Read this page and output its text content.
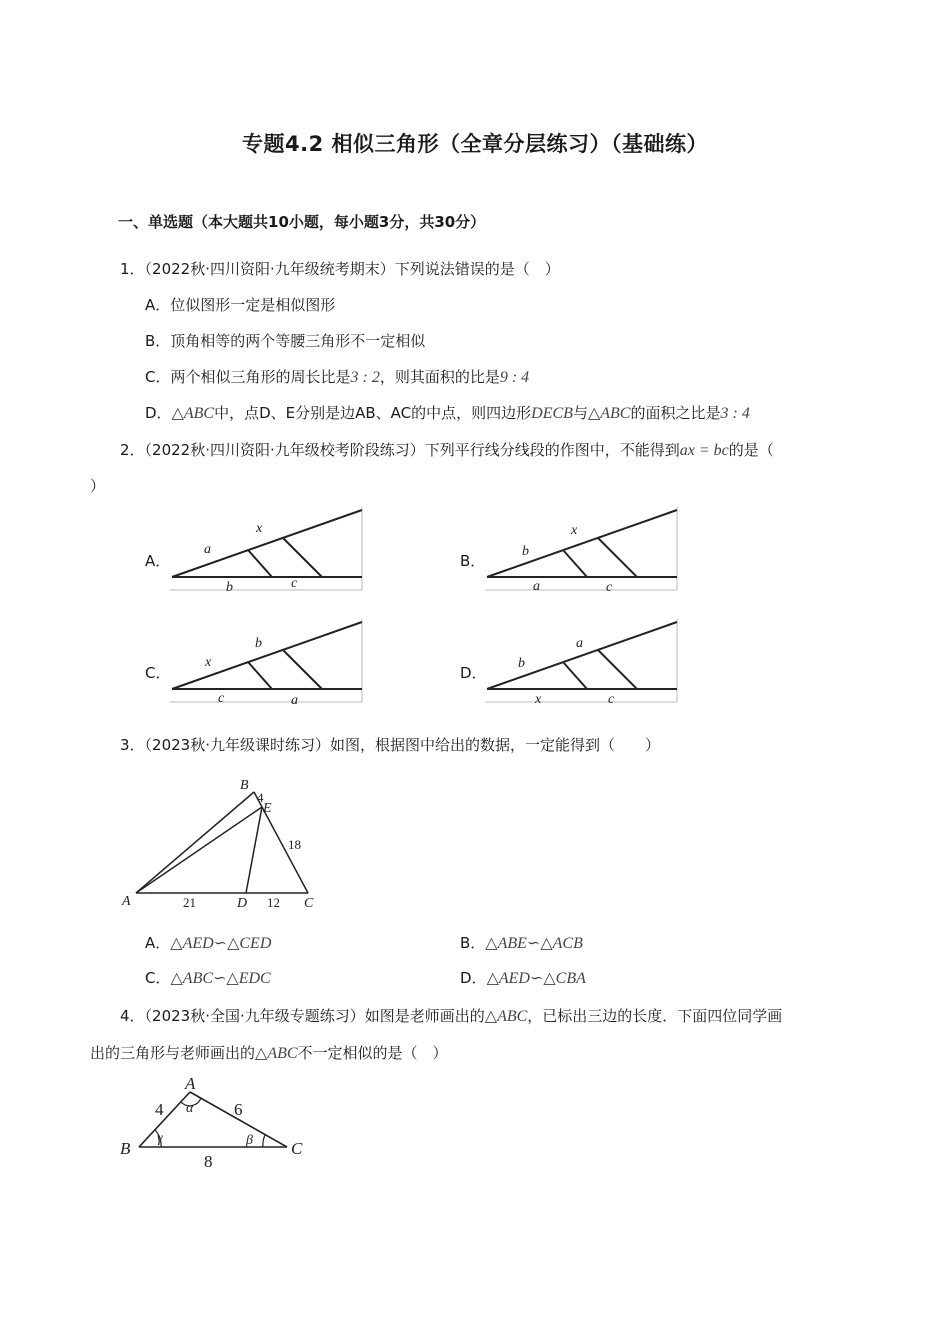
专题4.2 相似三角形（全章分层练习）（基础练）
一、单选题（本大题共10小题，每小题3分，共30分）
1．（2022秋·四川资阳·九年级统考期末）下列说法错误的是（　）
A．位似图形一定是相似图形
B．顶角相等的两个等腰三角形不一定相似
C．两个相似三角形的周长比是3 : 2，则其面积的比是9 : 4
D．△ABC中，点D、E分别是边AB、AC的中点，则四边形DECB与△ABC的面积之比是3 : 4
2．（2022秋·四川资阳·九年级校考阶段练习）下列平行线分线段的作图中，不能得到ax = bc的是（
）
A．
a
x
b	c
B．
b
x
a	c
C．
x
b
c	a
D．
b
a
x	c
3．（2023秋·九年级课时练习）如图，根据图中给出的数据，一定能得到（　　）
B
E
A	D	C
4
18
21	12
A．△AED∽△CED	B．△ABE∽△ACB
C．△ABC∽△EDC	D．△AED∽△CBA
4．（2023秋·全国·九年级专题练习）如图是老师画出的△ABC，已标出三边的长度．下面四位同学画
出的三角形与老师画出的△ABC不一定相似的是（　）
A
B	C
4	6
8
α
β
γ
